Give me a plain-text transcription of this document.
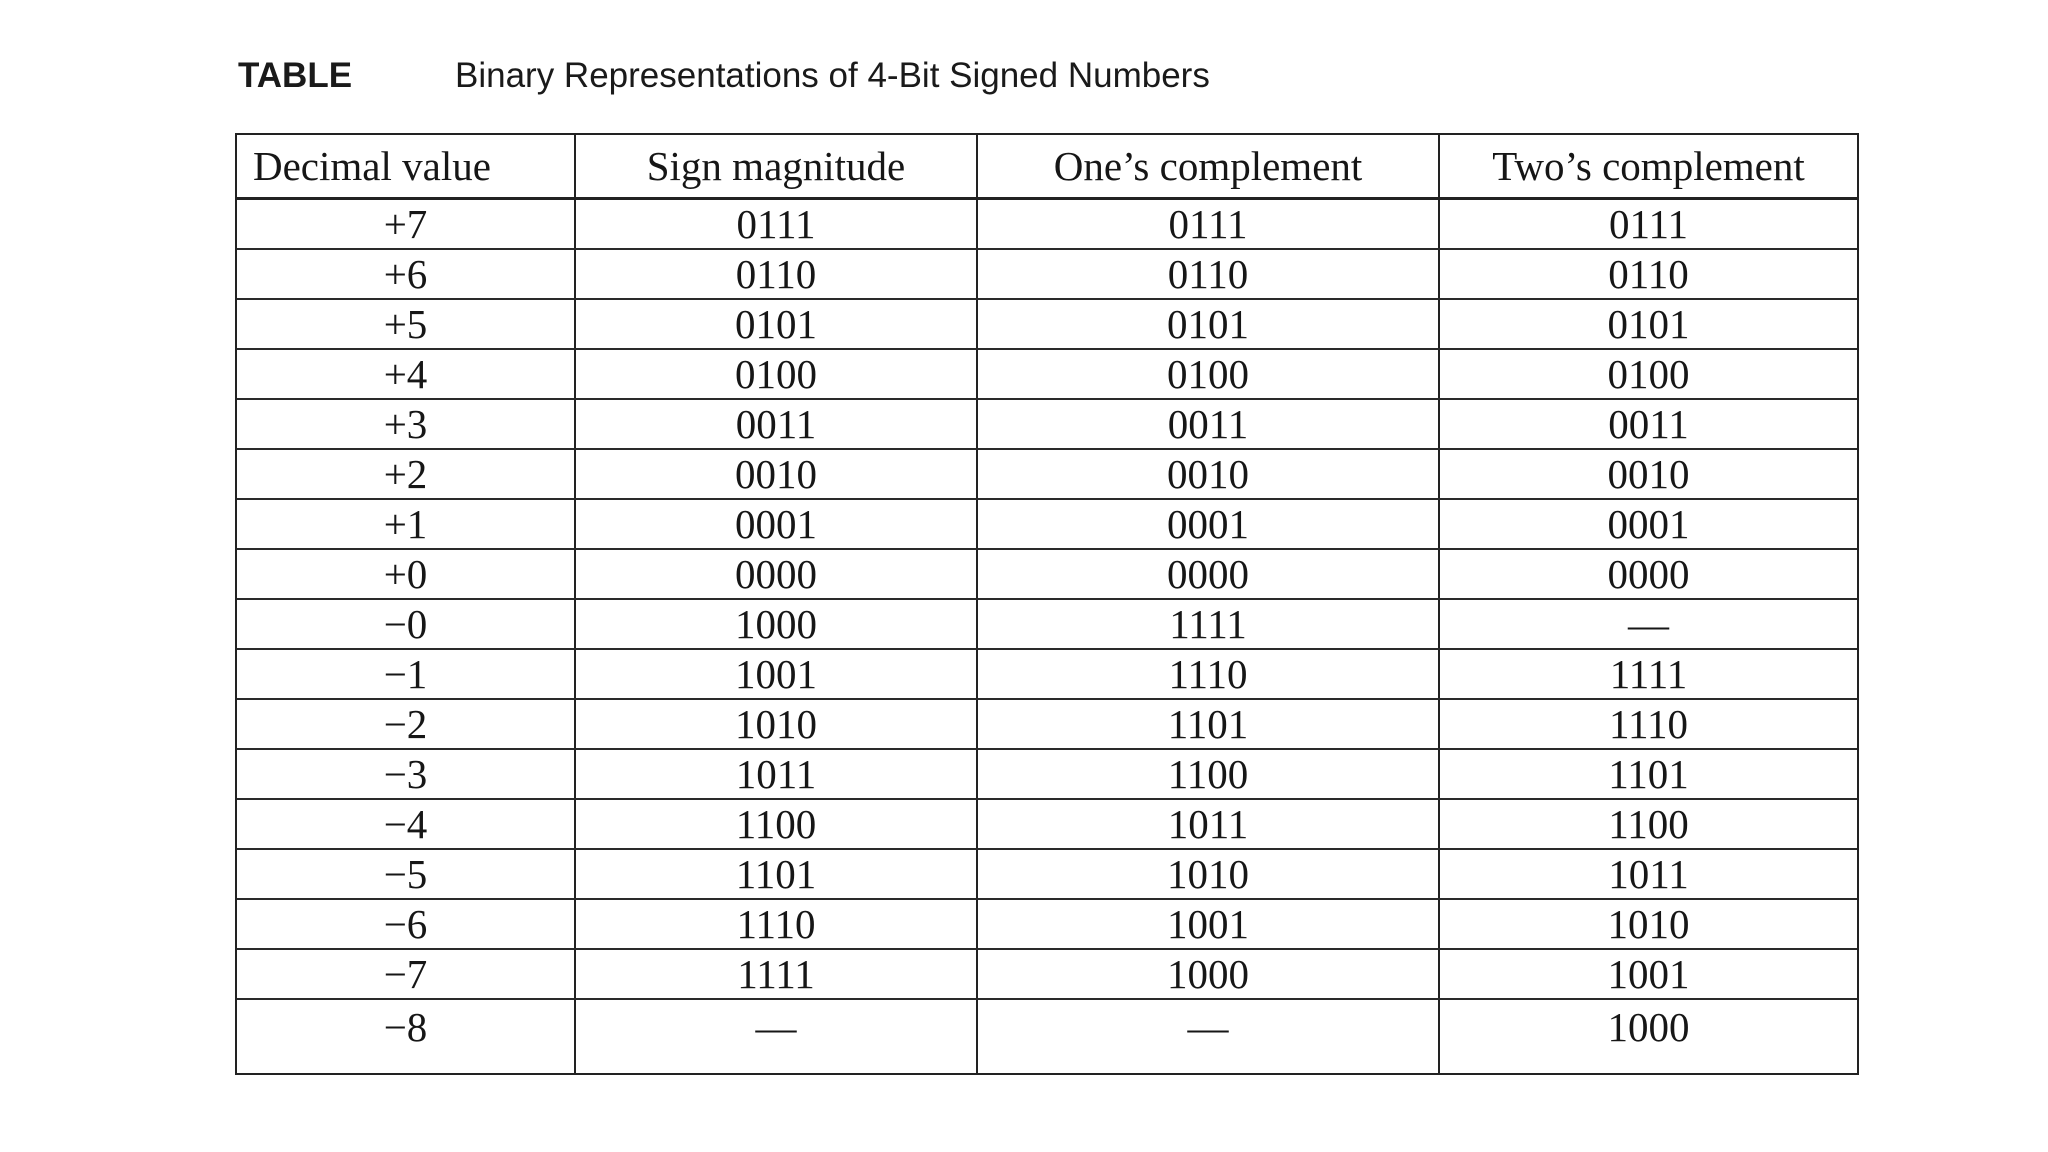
TABLE	Binary Representations of 4-Bit Signed Numbers
Decimal value	Sign magnitude	One’s complement	Two’s complement
+7	0111	0111	0111
+6	0110	0110	0110
+5	0101	0101	0101
+4	0100	0100	0100
+3	0011	0011	0011
+2	0010	0010	0010
+1	0001	0001	0001
+0	0000	0000	0000
−0	1000	1111	—
−1	1001	1110	1111
−2	1010	1101	1110
−3	1011	1100	1101
−4	1100	1011	1100
−5	1101	1010	1011
−6	1110	1001	1010
−7	1111	1000	1001
−8	—	—	1000
